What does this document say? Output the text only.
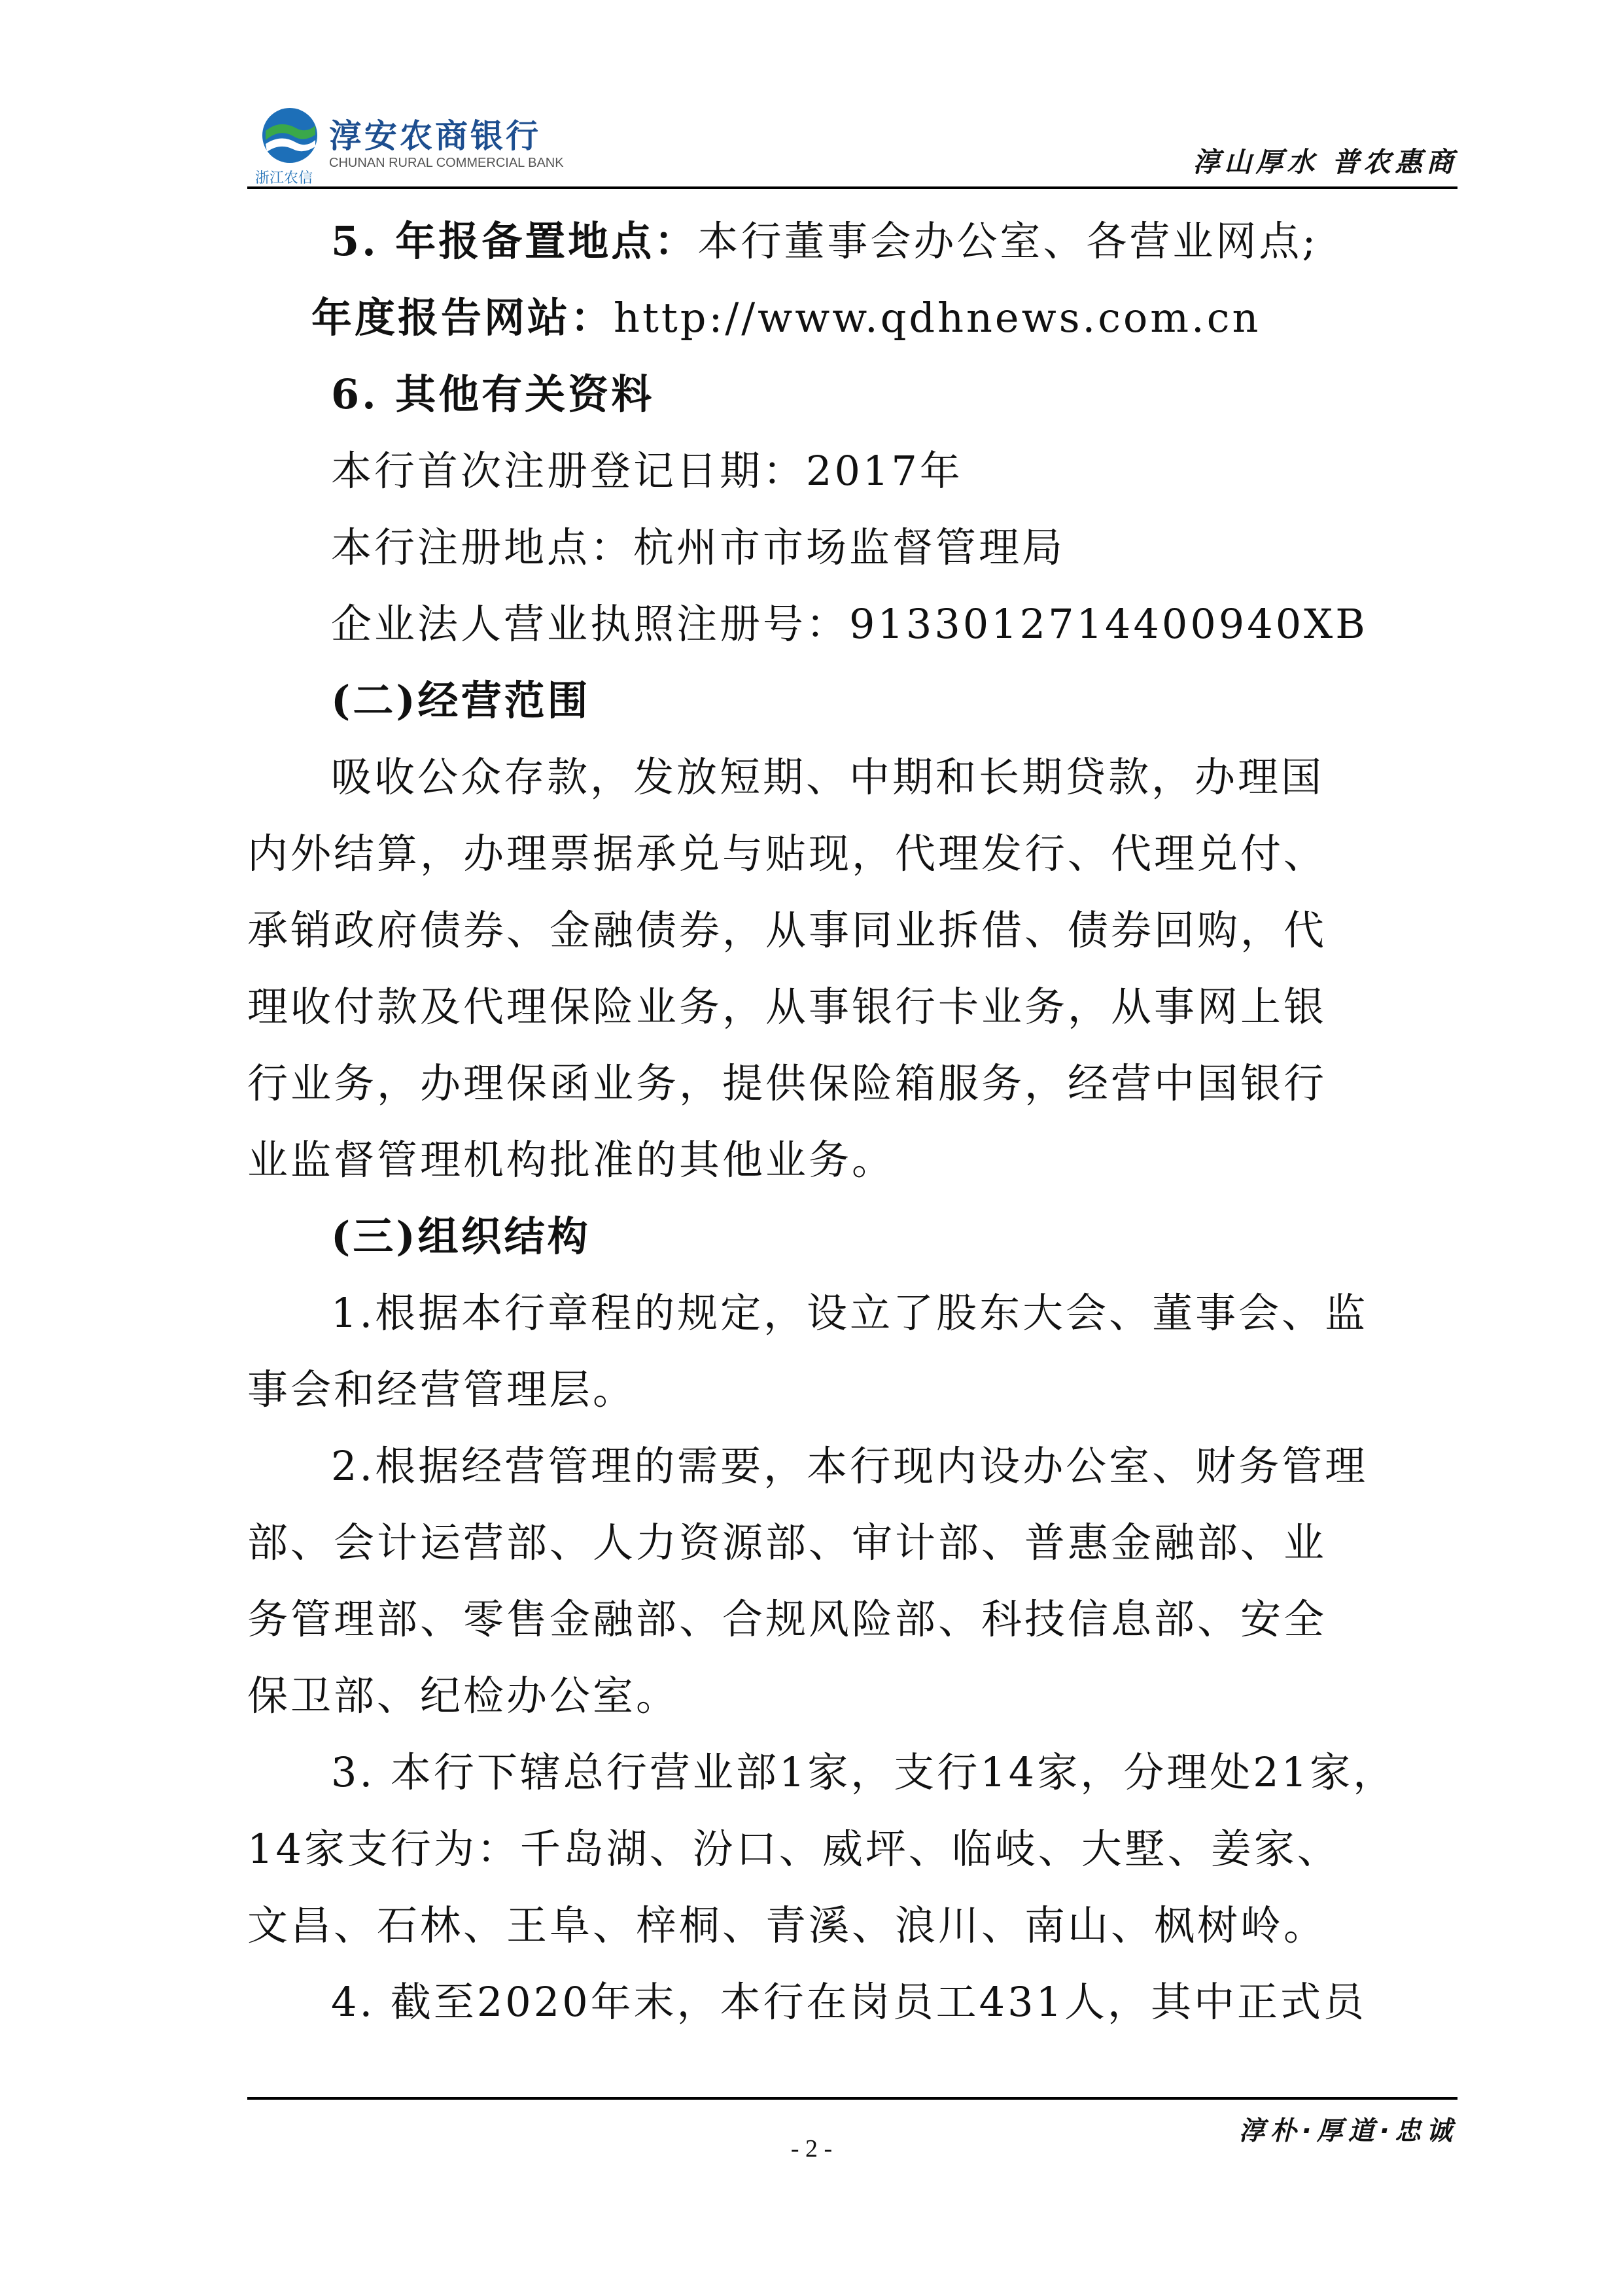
浙江农信
淳安农商银行
CHUNAN RURAL COMMERCIAL BANK	淳山厚水 普农惠商
5. 年报备置地点：本行董事会办公室、各营业网点;
年度报告网站：http://www.qdhnews.com.cn
6. 其他有关资料
本行首次注册登记日期：2017年
本行注册地点：杭州市市场监督管理局
企业法人营业执照注册号：9133012714400940XB
(二)经营范围
吸收公众存款，发放短期、中期和长期贷款，办理国
内外结算，办理票据承兑与贴现，代理发行、代理兑付、
承销政府债券、金融债券，从事同业拆借、债券回购，代
理收付款及代理保险业务，从事银行卡业务，从事网上银
行业务，办理保函业务，提供保险箱服务，经营中国银行
业监督管理机构批准的其他业务。
(三)组织结构
1.根据本行章程的规定，设立了股东大会、董事会、监
事会和经营管理层。
2.根据经营管理的需要，本行现内设办公室、财务管理
部、会计运营部、人力资源部、审计部、普惠金融部、业
务管理部、零售金融部、合规风险部、科技信息部、安全
保卫部、纪检办公室。
3. 本行下辖总行营业部1家，支行14家，分理处21家，
14家支行为：千岛湖、汾口、威坪、临岐、大墅、姜家、
文昌、石林、王阜、梓桐、青溪、浪川、南山、枫树岭。
4. 截至2020年末，本行在岗员工431人，其中正式员
淳朴·厚道·忠诚
- 2 -
